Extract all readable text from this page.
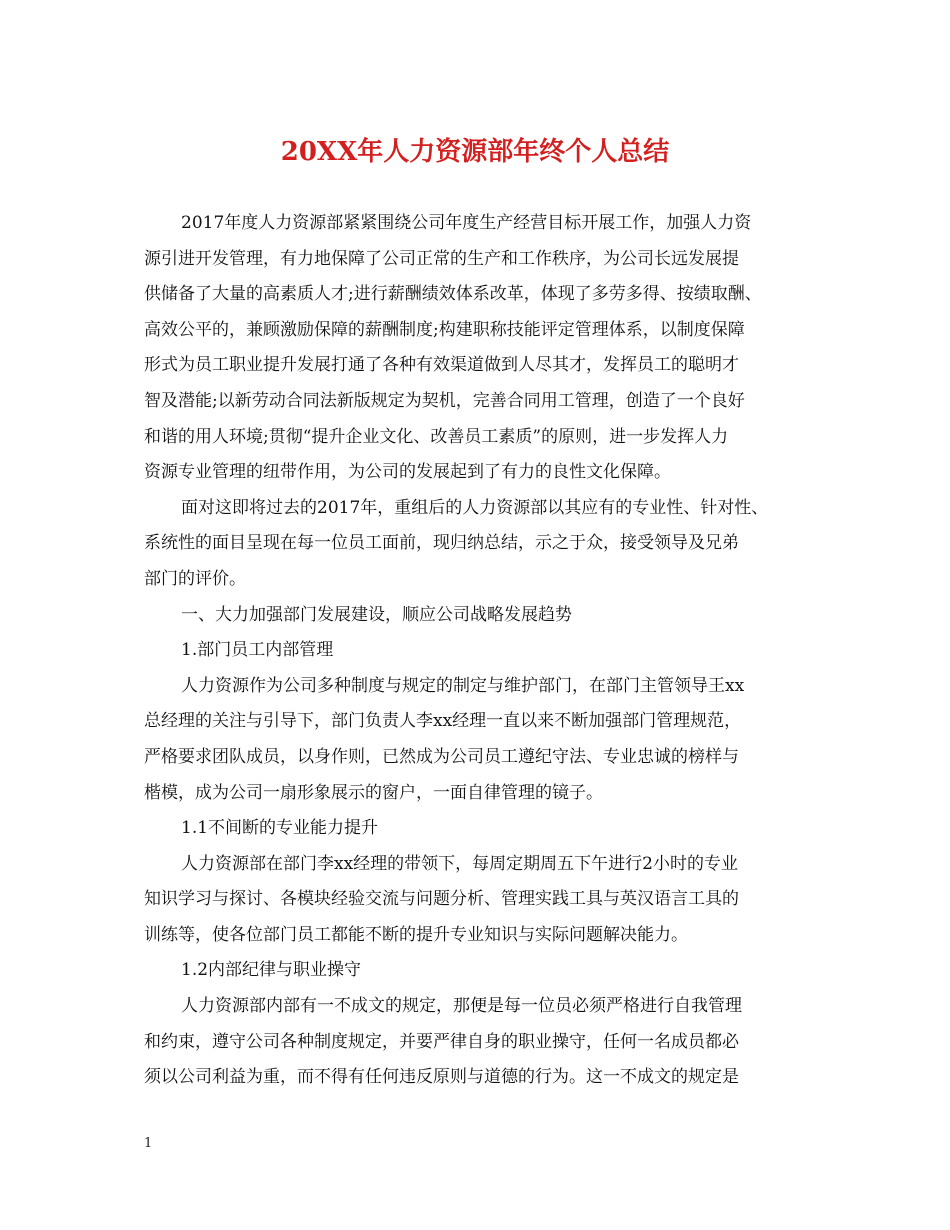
20XX年人力资源部年终个人总结
2017年度人力资源部紧紧围绕公司年度生产经营目标开展工作，加强人力资
源引进开发管理，有力地保障了公司正常的生产和工作秩序，为公司长远发展提
供储备了大量的高素质人才;进行薪酬绩效体系改革，体现了多劳多得、按绩取酬、
高效公平的，兼顾激励保障的薪酬制度;构建职称技能评定管理体系，以制度保障
形式为员工职业提升发展打通了各种有效渠道做到人尽其才，发挥员工的聪明才
智及潜能;以新劳动合同法新版规定为契机，完善合同用工管理，创造了一个良好
和谐的用人环境;贯彻“提升企业文化、改善员工素质”的原则，进一步发挥人力
资源专业管理的纽带作用，为公司的发展起到了有力的良性文化保障。
面对这即将过去的2017年，重组后的人力资源部以其应有的专业性、针对性、
系统性的面目呈现在每一位员工面前，现归纳总结，示之于众，接受领导及兄弟
部门的评价。
一、大力加强部门发展建设，顺应公司战略发展趋势
1.部门员工内部管理
人力资源作为公司多种制度与规定的制定与维护部门，在部门主管领导王xx
总经理的关注与引导下，部门负责人李xx经理一直以来不断加强部门管理规范，
严格要求团队成员，以身作则，已然成为公司员工遵纪守法、专业忠诚的榜样与
楷模，成为公司一扇形象展示的窗户，一面自律管理的镜子。
1.1不间断的专业能力提升
人力资源部在部门李xx经理的带领下，每周定期周五下午进行2小时的专业
知识学习与探讨、各模块经验交流与问题分析、管理实践工具与英汉语言工具的
训练等，使各位部门员工都能不断的提升专业知识与实际问题解决能力。
1.2内部纪律与职业操守
人力资源部内部有一不成文的规定，那便是每一位员必须严格进行自我管理
和约束，遵守公司各种制度规定，并要严律自身的职业操守，任何一名成员都必
须以公司利益为重，而不得有任何违反原则与道德的行为。这一不成文的规定是
1
